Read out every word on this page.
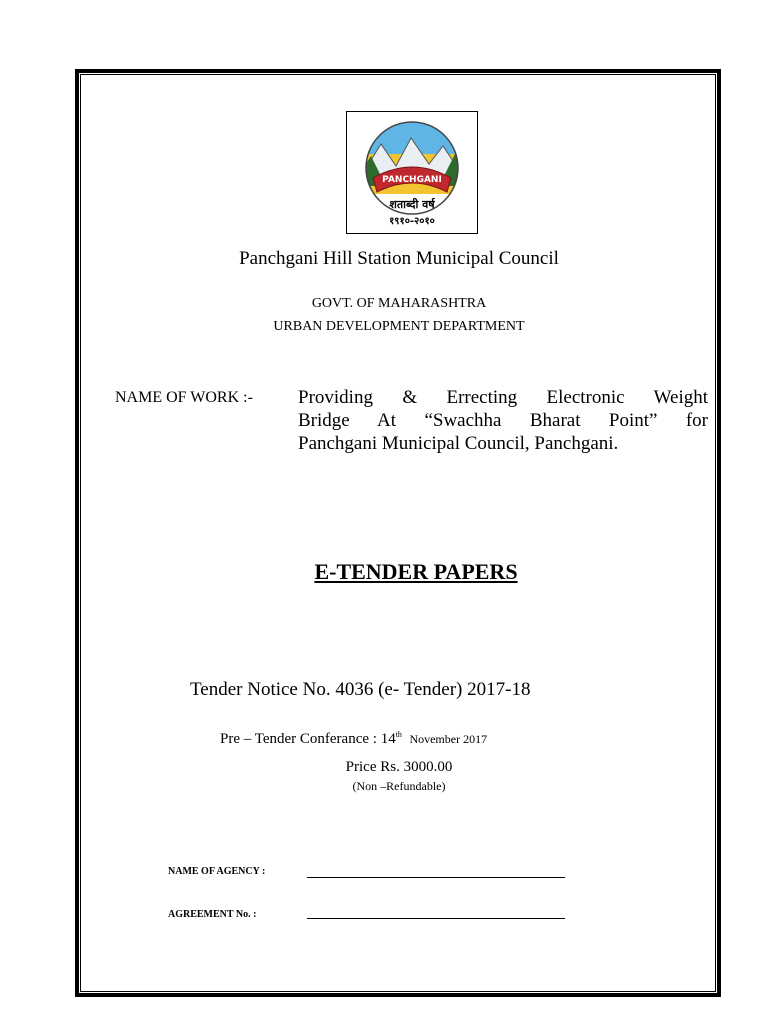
PANCHGANI
शताब्दी वर्ष
१९१०-२०१०
Panchgani Hill Station Municipal Council
GOVT. OF MAHARASHTRA
URBAN DEVELOPMENT DEPARTMENT
NAME OF WORK :- Providing & Errecting Electronic Weight
Bridge At “Swachha Bharat Point” for
Panchgani Municipal Council, Panchgani.
E-TENDER PAPERS
Tender Notice No. 4036 (e- Tender) 2017-18
Pre – Tender Conferance : 14th November 2017
Price Rs. 3000.00
(Non –Refundable)
NAME OF AGENCY :
AGREEMENT No. :
